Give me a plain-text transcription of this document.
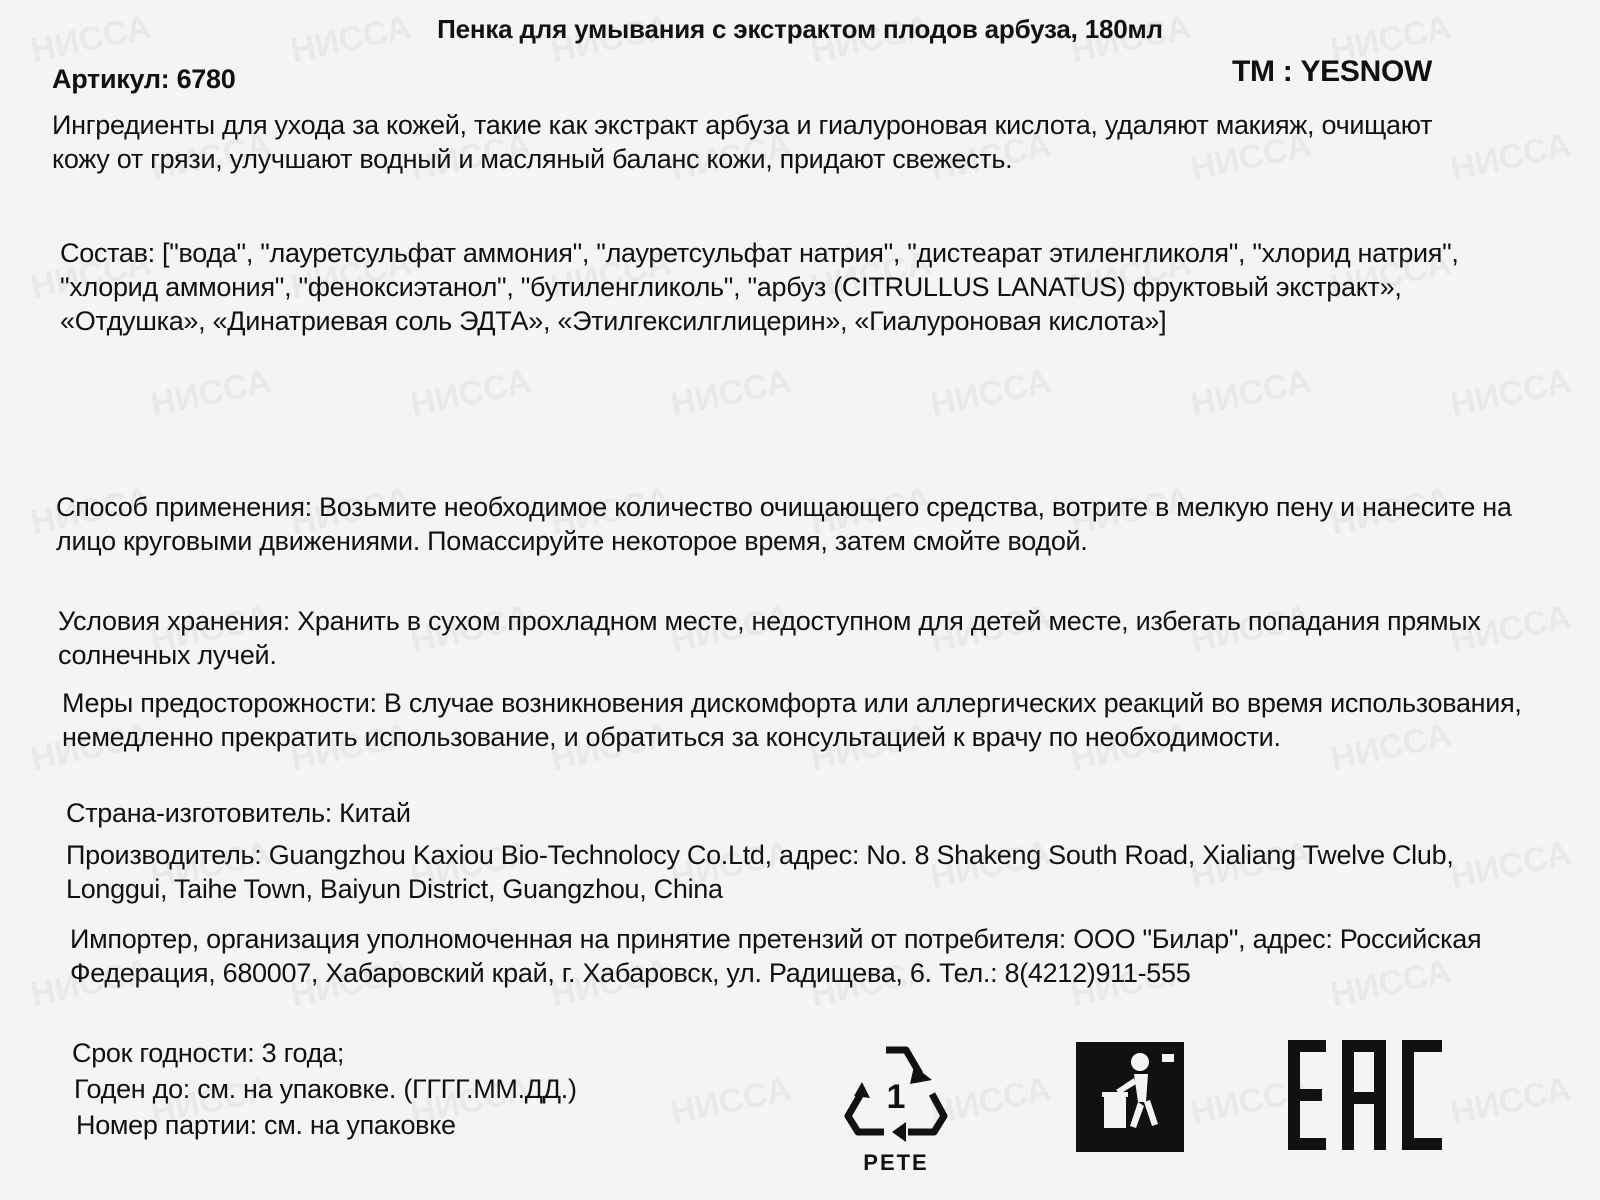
Пенка для умывания с экстрактом плодов арбуза, 180мл
Артикул: 6780	ТМ : YESNOW
Ингредиенты для ухода за кожей, такие как экстракт арбуза и гиалуроновая кислота, удаляют макияж, очищают кожу от грязи, улучшают водный и масляный баланс кожи, придают свежесть.
Состав: ["вода", "лауретсульфат аммония", "лауретсульфат натрия", "дистеарат этиленгликоля", "хлорид натрия", "хлорид аммония", "феноксиэтанол", "бутиленгликоль", "арбуз (CITRULLUS LANATUS) фруктовый экстракт», «Отдушка», «Динатриевая соль ЭДТА», «Этилгексилглицерин», «Гиалуроновая кислота»]
Способ применения: Возьмите необходимое количество очищающего средства, вотрите в мелкую пену и нанесите на лицо круговыми движениями. Помассируйте некоторое время, затем смойте водой.
Условия хранения: Хранить в сухом прохладном месте, недоступном для детей месте, избегать попадания прямых солнечных лучей.
Меры предосторожности: В случае возникновения дискомфорта или аллергических реакций во время использования, немедленно прекратить использование, и обратиться за консультацией к врачу по необходимости.
Страна-изготовитель: Китай
Производитель: Guangzhou Kaxiou Bio-Technolocy Co.Ltd, адрес: No. 8 Shakeng South Road, Xialiang Twelve Club, Longgui, Taihe Town, Baiyun District, Guangzhou, China
Импортер, организация уполномоченная на принятие претензий от потребителя: ООО "Билар", адрес: Российская Федерация, 680007, Хабаровский край, г. Хабаровск, ул. Радищева, 6. Тел.: 8(4212)911-555
Срок годности: 3 года;
Годен до: см. на упаковке. (ГГГГ.ММ.ДД.)
Номер партии: см. на упаковке
1
PETE
